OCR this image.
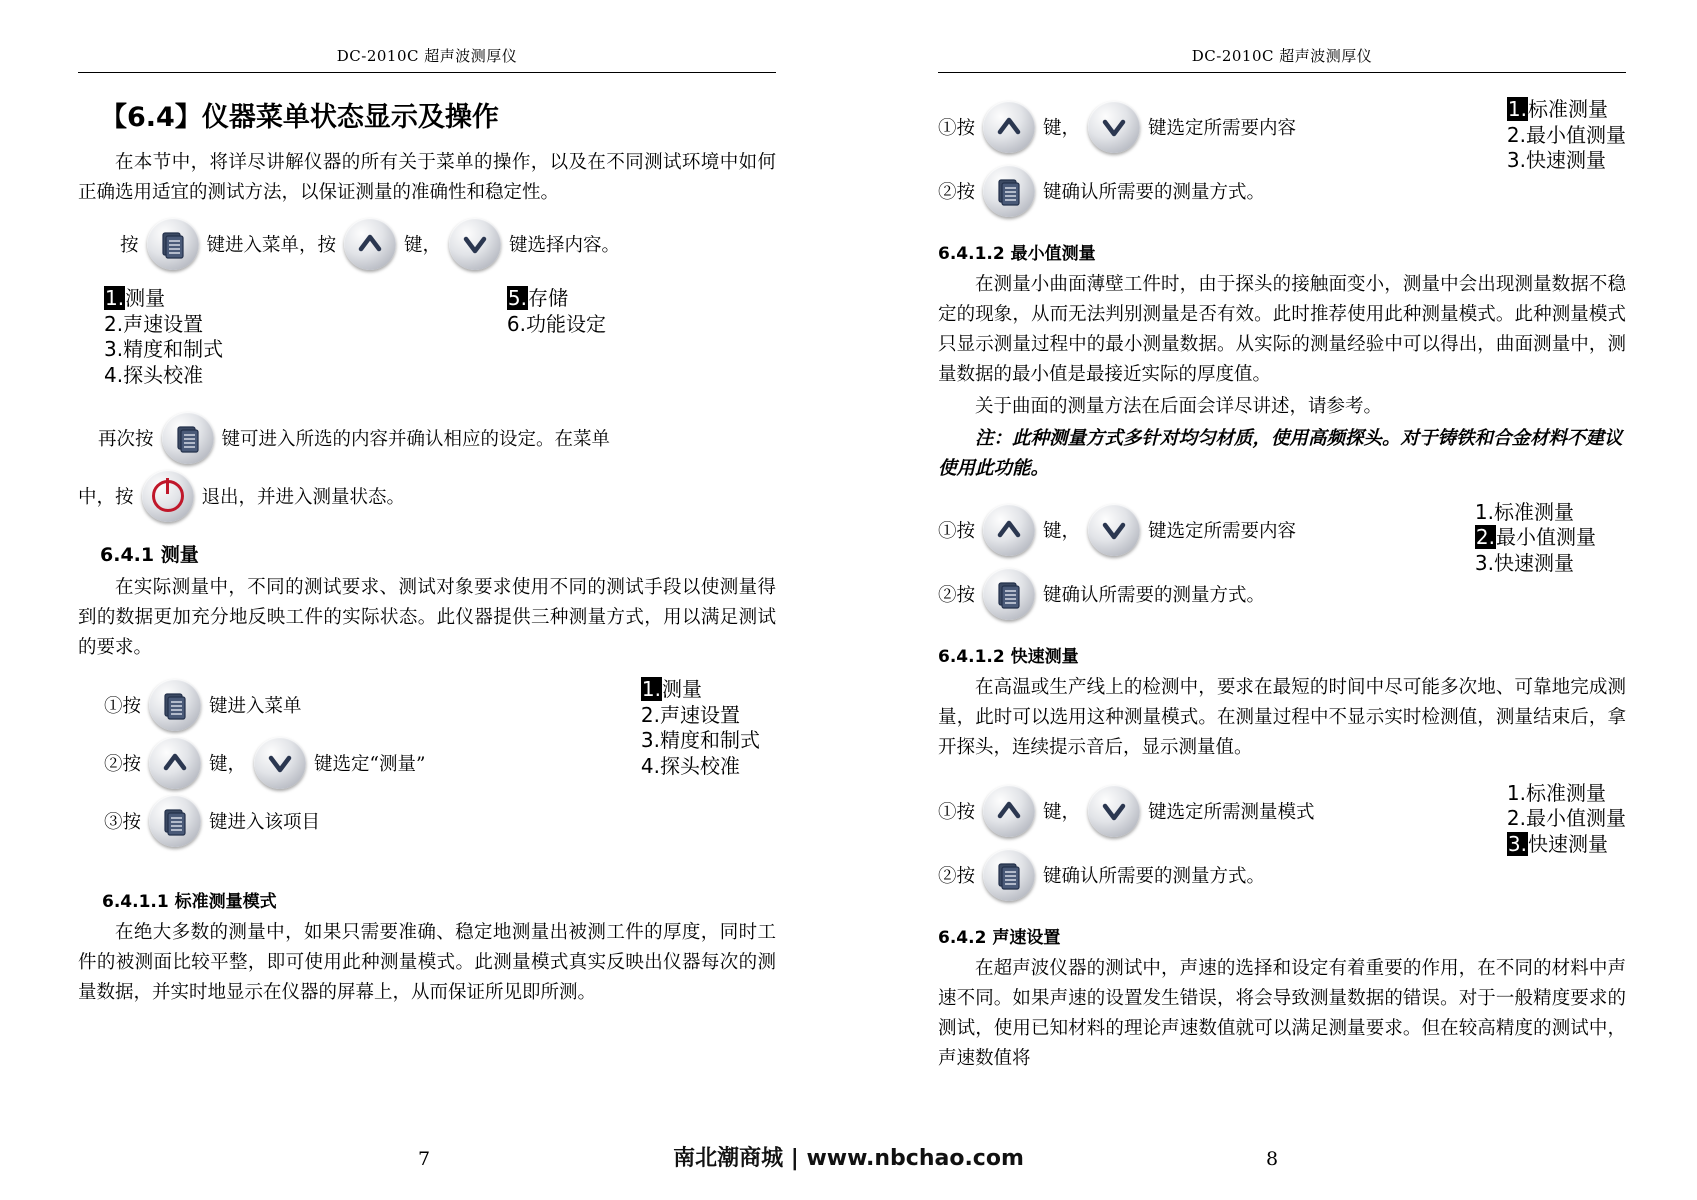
DC-2010C 超声波测厚仪
【6.4】仪器菜单状态显示及操作

在本节中，将详尽讲解仪器的所有关于菜单的操作，以及在不同测试环境中如何正确选用适宜的测试方法，以保证测量的准确性和稳定性。

按	键进入菜单，按	键，	键选择内容。
1.测量
2.声速设置
3.精度和制式
4.探头校准
5.存储
6.功能设定
再次按	键可进入所选的内容并确认相应的设定。在菜单
中，按	退出，并进入测量状态。
6.4.1 测量

在实际测量中，不同的测试要求、测试对象要求使用不同的测试手段以使测量得到的数据更加充分地反映工件的实际状态。此仪器提供三种测量方式，用以满足测试的要求。

①按	键进入菜单
②按	键，	键选定“测量”
③按	键进入该项目
1.测量
2.声速设置
3.精度和制式
4.探头校准
6.4.1.1 标准测量模式

在绝大多数的测量中，如果只需要准确、稳定地测量出被测工件的厚度，同时工件的被测面比较平整，即可使用此种测量模式。此测量模式真实反映出仪器每次的测量数据，并实时地显示在仪器的屏幕上，从而保证所见即所测。

7
DC-2010C 超声波测厚仪
①按	键，	键选定所需要内容
②按	键确认所需要的测量方式。
1.标准测量
2.最小值测量
3.快速测量
6.4.1.2 最小值测量

在测量小曲面薄壁工件时，由于探头的接触面变小，测量中会出现测量数据不稳定的现象，从而无法判别测量是否有效。此时推荐使用此种测量模式。此种测量模式只显示测量过程中的最小测量数据。从实际的测量经验中可以得出，曲面测量中，测量数据的最小值是最接近实际的厚度值。

关于曲面的测量方法在后面会详尽讲述，请参考。

注：此种测量方式多针对均匀材质，使用高频探头。对于铸铁和合金材料不建议使用此功能。

①按	键，	键选定所需要内容
②按	键确认所需要的测量方式。
1.标准测量
2.最小值测量
3.快速测量
6.4.1.2 快速测量

在高温或生产线上的检测中，要求在最短的时间中尽可能多次地、可靠地完成测量，此时可以选用这种测量模式。在测量过程中不显示实时检测值，测量结束后，拿开探头，连续提示音后，显示测量值。

①按	键，	键选定所需测量模式
②按	键确认所需要的测量方式。
1.标准测量
2.最小值测量
3.快速测量
6.4.2 声速设置

在超声波仪器的测试中，声速的选择和设定有着重要的作用，在不同的材料中声速不同。如果声速的设置发生错误，将会导致测量数据的错误。对于一般精度要求的测试，使用已知材料的理论声速数值就可以满足测量要求。但在较高精度的测试中，声速数值将

8
南北潮商城 | www.nbchao.com
